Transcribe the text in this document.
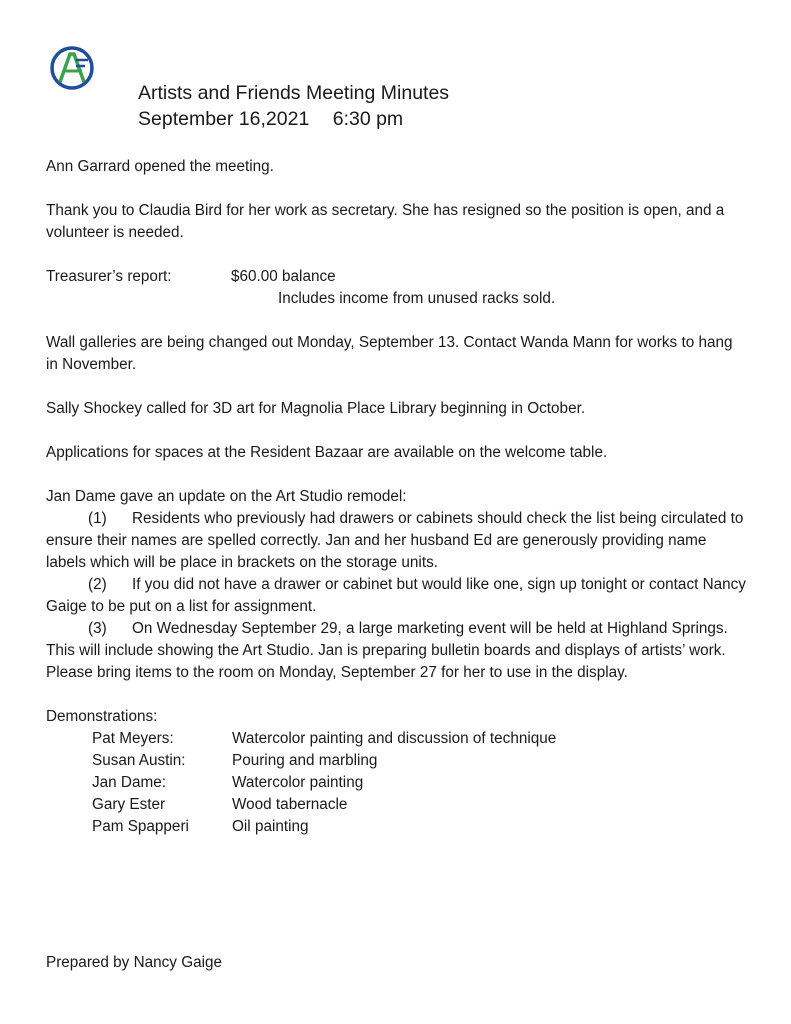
Artists and Friends Meeting Minutes
September 16,2021 6:30 pm

Ann Garrard opened the meeting.

Thank you to Claudia Bird for her work as secretary. She has resigned so the position is open, and a volunteer is needed.

Treasurer’s report:	$60.00 balance
Includes income from unused racks sold.

Wall galleries are being changed out Monday, September 13. Contact Wanda Mann for works to hang in November.

Sally Shockey called for 3D art for Magnolia Place Library beginning in October.

Applications for spaces at the Resident Bazaar are available on the welcome table.

Jan Dame gave an update on the Art Studio remodel:

(1) Residents who previously had drawers or cabinets should check the list being circulated to ensure their names are spelled correctly. Jan and her husband Ed are generously providing name labels which will be place in brackets on the storage units.

(2) If you did not have a drawer or cabinet but would like one, sign up tonight or contact Nancy Gaige to be put on a list for assignment.

(3) On Wednesday September 29, a large marketing event will be held at Highland Springs. This will include showing the Art Studio. Jan is preparing bulletin boards and displays of artists’ work. Please bring items to the room on Monday, September 27 for her to use in the display.

Demonstrations:

Pat Meyers:	Watercolor painting and discussion of technique
Susan Austin:	Pouring and marbling
Jan Dame:	Watercolor painting
Gary Ester	Wood tabernacle
Pam Spapperi	Oil painting
Prepared by Nancy Gaige
